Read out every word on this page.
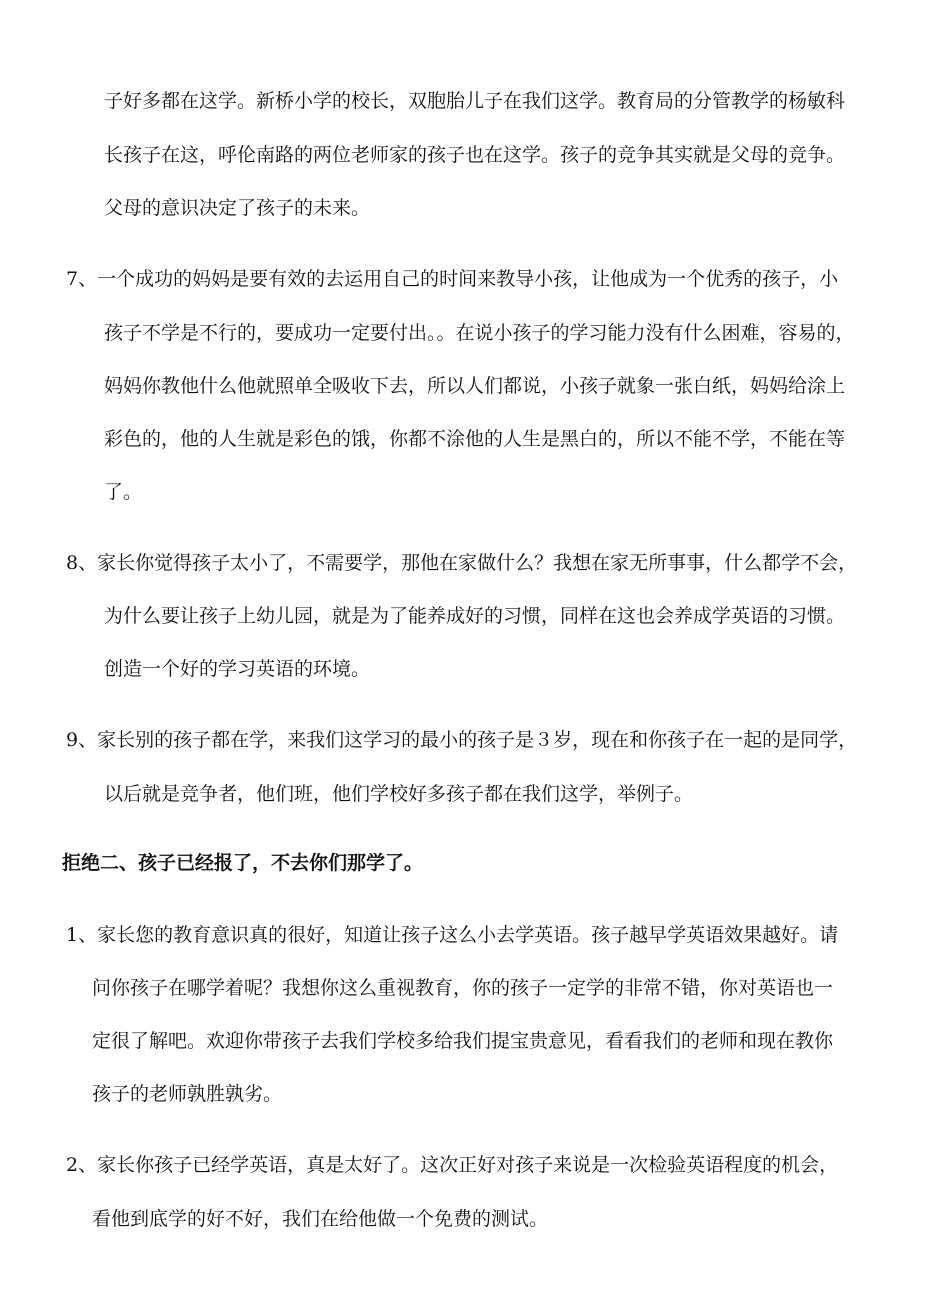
子好多都在这学。新桥小学的校长，双胞胎儿子在我们这学。教育局的分管教学的杨敏科
长孩子在这，呼伦南路的两位老师家的孩子也在这学。孩子的竞争其实就是父母的竞争。
父母的意识决定了孩子的未来。
7、一个成功的妈妈是要有效的去运用自己的时间来教导小孩，让他成为一个优秀的孩子，小
孩子不学是不行的，要成功一定要付出。。在说小孩子的学习能力没有什么困难，容易的，
妈妈你教他什么他就照单全吸收下去，所以人们都说，小孩子就象一张白纸，妈妈给涂上
彩色的，他的人生就是彩色的饿，你都不涂他的人生是黑白的，所以不能不学，不能在等
了。
8、家长你觉得孩子太小了，不需要学，那他在家做什么？我想在家无所事事，什么都学不会，
为什么要让孩子上幼儿园，就是为了能养成好的习惯，同样在这也会养成学英语的习惯。
创造一个好的学习英语的环境。
9、家长别的孩子都在学，来我们这学习的最小的孩子是３岁，现在和你孩子在一起的是同学，
以后就是竞争者，他们班，他们学校好多孩子都在我们这学，举例子。
拒绝二、孩子已经报了，不去你们那学了。
1、家长您的教育意识真的很好，知道让孩子这么小去学英语。孩子越早学英语效果越好。请
问你孩子在哪学着呢？我想你这么重视教育，你的孩子一定学的非常不错，你对英语也一
定很了解吧。欢迎你带孩子去我们学校多给我们提宝贵意见，看看我们的老师和现在教你
孩子的老师孰胜孰劣。
2、家长你孩子已经学英语，真是太好了。这次正好对孩子来说是一次检验英语程度的机会，
看他到底学的好不好，我们在给他做一个免费的测试。
